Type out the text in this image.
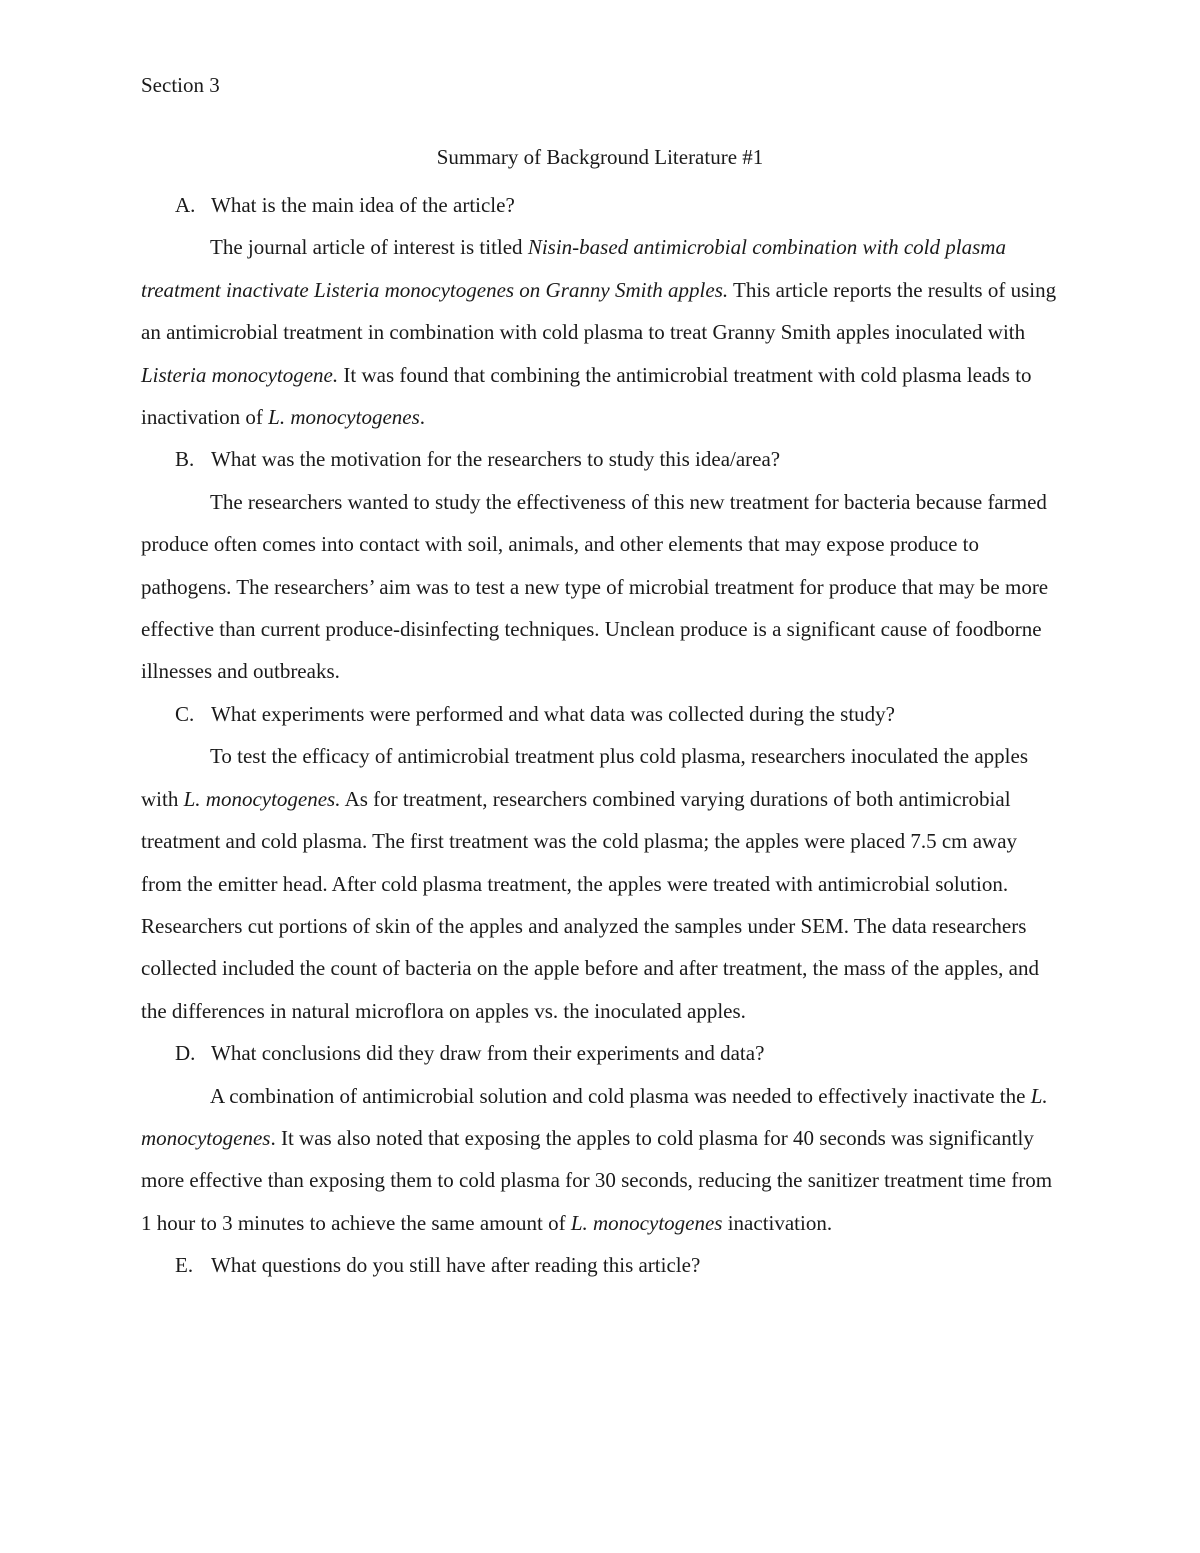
Section 3
Summary of Background Literature #1

A. What is the main idea of the article?

The journal article of interest is titled Nisin-based antimicrobial combination with cold plasma treatment inactivate Listeria monocytogenes on Granny Smith apples. This article reports the results of using an antimicrobial treatment in combination with cold plasma to treat Granny Smith apples inoculated with Listeria monocytogene. It was found that combining the antimicrobial treatment with cold plasma leads to inactivation of L. monocytogenes.

B. What was the motivation for the researchers to study this idea/area?

The researchers wanted to study the effectiveness of this new treatment for bacteria because farmed produce often comes into contact with soil, animals, and other elements that may expose produce to pathogens. The researchers’ aim was to test a new type of microbial treatment for produce that may be more effective than current produce-disinfecting techniques. Unclean produce is a significant cause of foodborne illnesses and outbreaks.

C. What experiments were performed and what data was collected during the study?

To test the efficacy of antimicrobial treatment plus cold plasma, researchers inoculated the apples with L. monocytogenes. As for treatment, researchers combined varying durations of both antimicrobial treatment and cold plasma. The first treatment was the cold plasma; the apples were placed 7.5 cm away from the emitter head. After cold plasma treatment, the apples were treated with antimicrobial solution. Researchers cut portions of skin of the apples and analyzed the samples under SEM. The data researchers collected included the count of bacteria on the apple before and after treatment, the mass of the apples, and the differences in natural microflora on apples vs. the inoculated apples.

D. What conclusions did they draw from their experiments and data?

A combination of antimicrobial solution and cold plasma was needed to effectively inactivate the L. monocytogenes. It was also noted that exposing the apples to cold plasma for 40 seconds was significantly more effective than exposing them to cold plasma for 30 seconds, reducing the sanitizer treatment time from 1 hour to 3 minutes to achieve the same amount of L. monocytogenes inactivation.

E. What questions do you still have after reading this article?
